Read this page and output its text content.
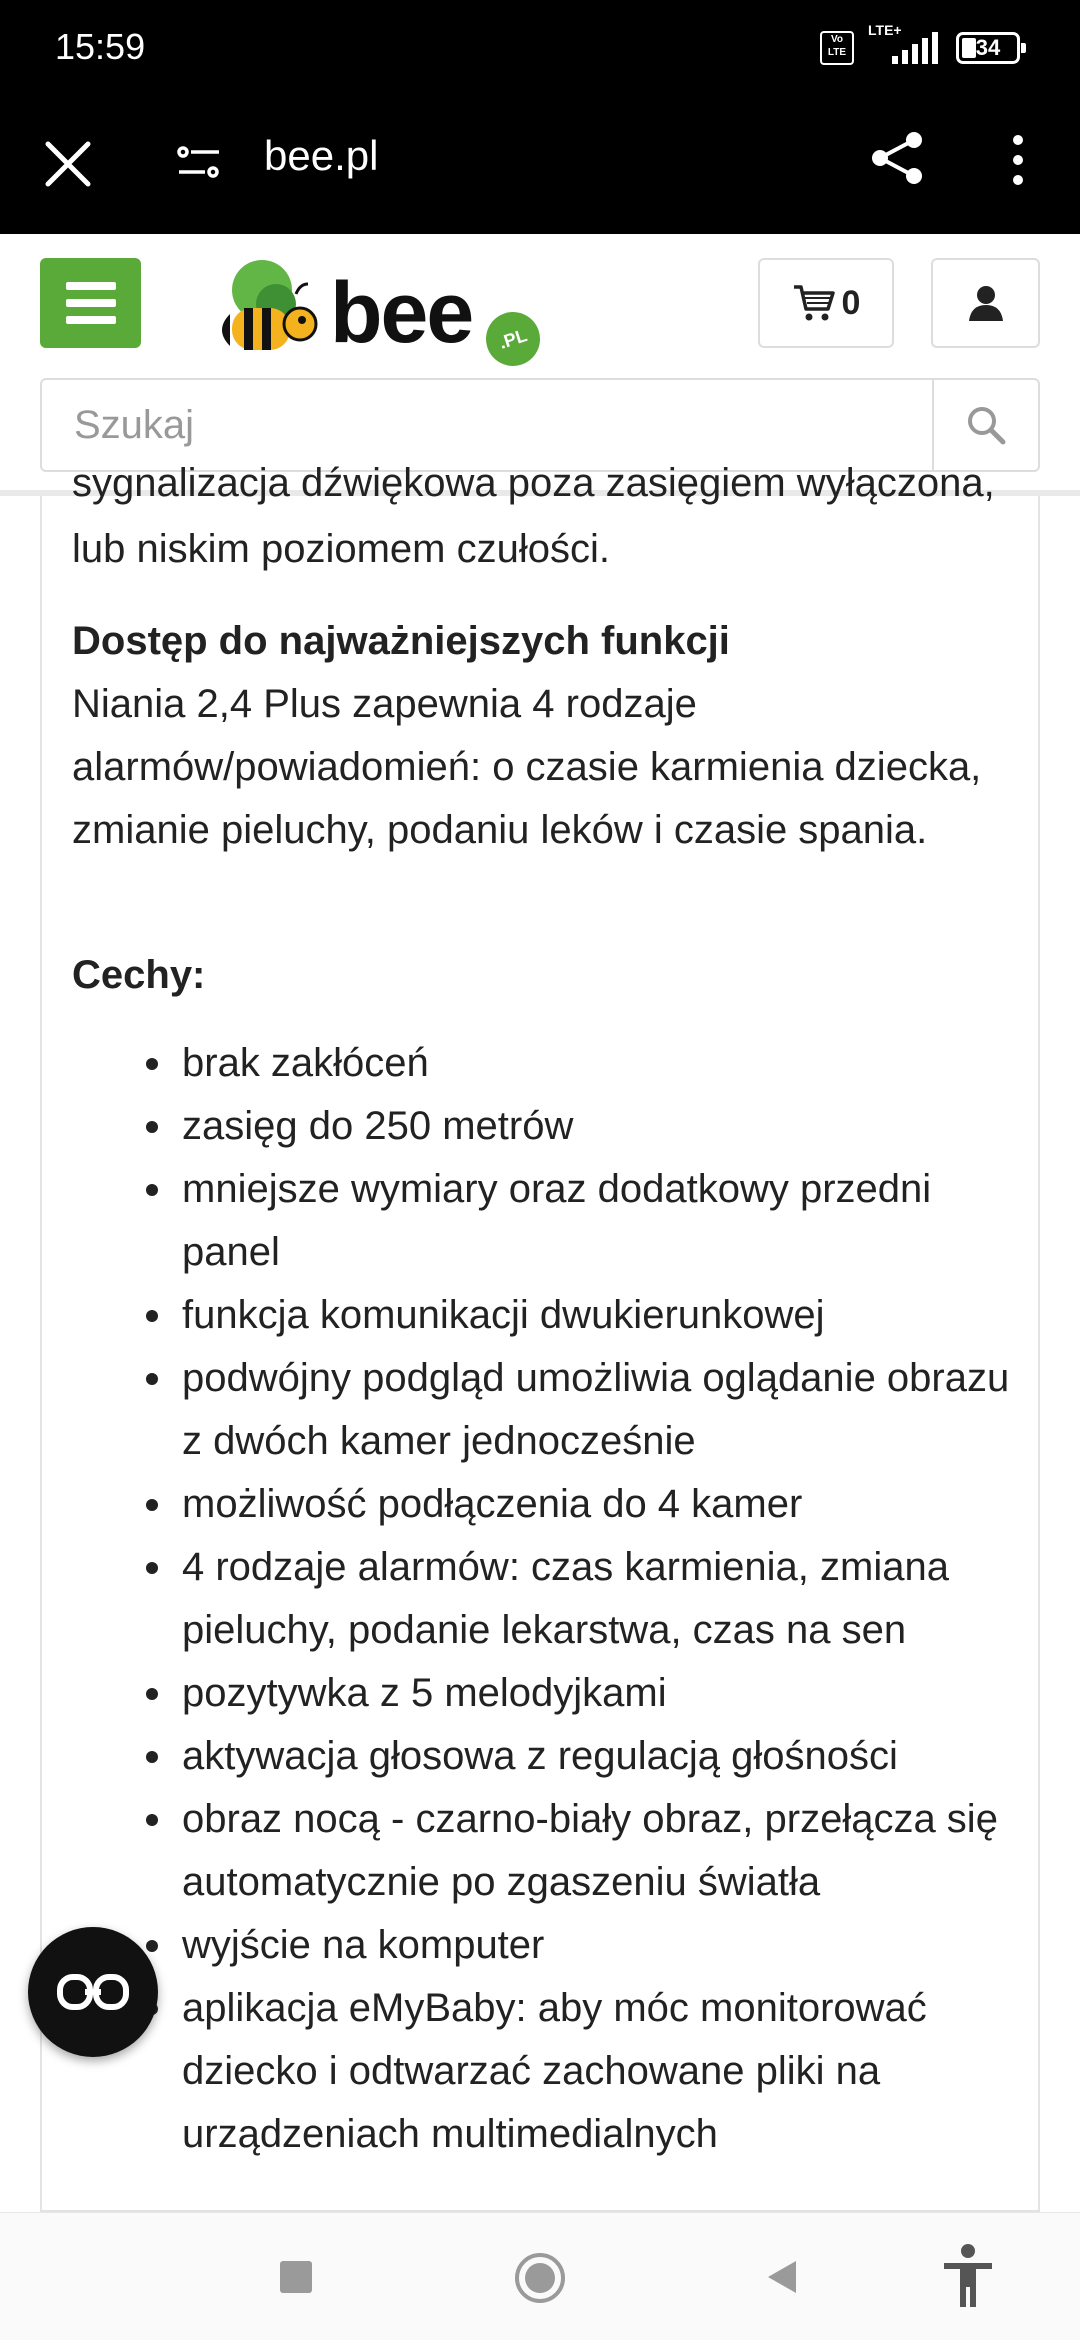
15:59	Vo LTE
LTE+
34
bee.pl
bee	.PL
0
Szukaj
sygnalizacja dźwiękowa poza zasięgiem wyłączona,
lub niskim poziomem czułości.
Dostęp do najważniejszych funkcji
Niania 2,4 Plus zapewnia 4 rodzaje alarmów/powiadomień: o czasie karmienia dziecka, zmianie pieluchy, podaniu leków i czasie spania.
Cechy:
brak zakłóceń
zasięg do 250 metrów
mniejsze wymiary oraz dodatkowy przedni panel
funkcja komunikacji dwukierunkowej
podwójny podgląd umożliwia oglądanie obrazu z dwóch kamer jednocześnie
możliwość podłączenia do 4 kamer
4 rodzaje alarmów: czas karmienia, zmiana pieluchy, podanie lekarstwa, czas na sen
pozytywka z 5 melodyjkami
aktywacja głosowa z regulacją głośności
obraz nocą - czarno-biały obraz, przełącza się automatycznie po zgaszeniu światła
wyjście na komputer
aplikacja eMyBaby: aby móc monitorować dziecko i odtwarzać zachowane pliki na urządzeniach multimedialnych
